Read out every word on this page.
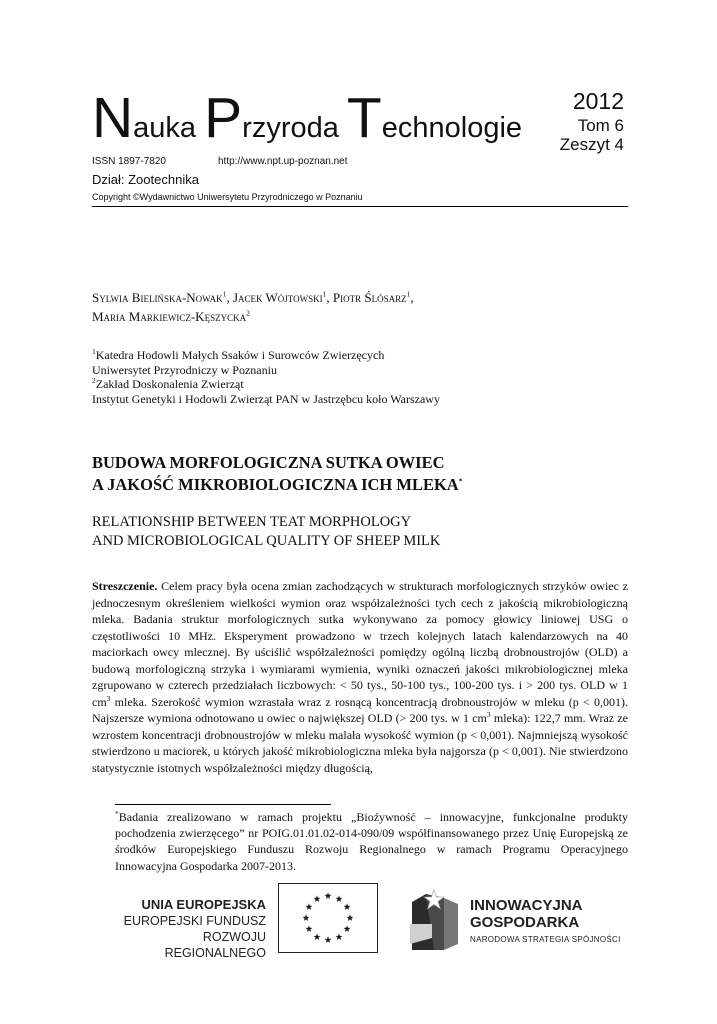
Nauka Przyroda Technologie
2012
Tom 6
Zeszyt 4
ISSN 1897-7820	http://www.npt.up-poznan.net
Dział: Zootechnika
Copyright ©Wydawnictwo Uniwersytetu Przyrodniczego w Poznaniu
Sylwia Bielińska-Nowak$^1$, Jacek Wójtowski$^1$, Piotr Ślósarz$^1$,
Maria Markiewicz-Kęszycka$^2$
$^1$Katedra Hodowli Małych Ssaków i Surowców Zwierzęcych
Uniwersytet Przyrodniczy w Poznaniu
$^2$Zakład Doskonalenia Zwierząt
Instytut Genetyki i Hodowli Zwierząt PAN w Jastrzębcu koło Warszawy
BUDOWA MORFOLOGICZNA SUTKA OWIEC
A JAKOŚĆ MIKROBIOLOGICZNA ICH MLEKA*
RELATIONSHIP BETWEEN TEAT MORPHOLOGY
AND MICROBIOLOGICAL QUALITY OF SHEEP MILK
Streszczenie. Celem pracy była ocena zmian zachodzących w strukturach morfologicznych strzyków owiec z jednoczesnym określeniem wielkości wymion oraz współzależności tych cech z jakością mikrobiologiczną mleka. Badania struktur morfologicznych sutka wykonywano za pomocy głowicy liniowej USG o częstotliwości 10 MHz. Eksperyment prowadzono w trzech kolejnych latach kalendarzowych na 40 maciorkach owcy mlecznej. By uściślić współzależności pomiędzy ogólną liczbą drobnoustrojów (OLD) a budową morfologiczną strzyka i wymiarami wymienia, wyniki oznaczeń jakości mikrobiologicznej mleka zgrupowano w czterech przedziałach liczbowych: < 50 tys., 50-100 tys., 100-200 tys. i > 200 tys. OLD w 1 $cm^3$ mleka. Szerokość wymion wzrastała wraz z rosnącą koncentracją drobnoustrojów w mleku (p < 0,001). Najszersze wymiona odnotowano u owiec o największej OLD (> 200 tys. w 1 $cm^3$ mleka): 122,7 mm. Wraz ze wzrostem koncentracji drobnoustrojów w mleku malała wysokość wymion (p < 0,001). Najmniejszą wysokość stwierdzono u maciorek, u których jakość mikrobiologiczna mleka była najgorsza (p < 0,001). Nie stwierdzono statystycznie istotnych współzależności między długością,
*Badania zrealizowano w ramach projektu „Bioźywność – innowacyjne, funkcjonalne produkty pochodzenia zwierzęcego” nr POIG.01.01.02-014-090/09 współfinansowanego przez Unię Europejską ze środków Europejskiego Funduszu Rozwoju Regionalnego w ramach Programu Operacyjnego Innowacyjna Gospodarka 2007-2013.
UNIA EUROPEJSKA
EUROPEJSKI FUNDUSZ
ROZWOJU REGIONALNEGO
INNOWACYJNA
GOSPODARKA
NARODOWA STRATEGIA SPÓJNOŚCI
